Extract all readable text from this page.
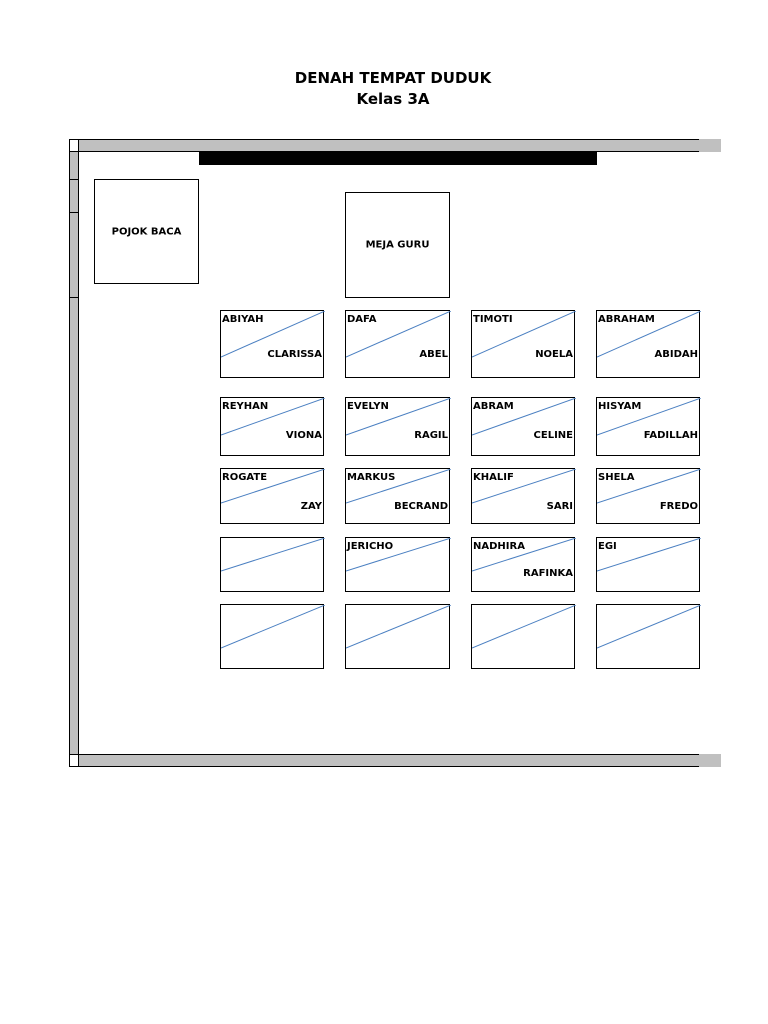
DENAH TEMPAT DUDUK
Kelas 3A
POJOK BACA
MEJA GURU
ABIYAH
CLARISSA
DAFA
ABEL
TIMOTI
NOELA
ABRAHAM
ABIDAH
REYHAN
VIONA
EVELYN
RAGIL
ABRAM
CELINE
HISYAM
FADILLAH
ROGATE
ZAY
MARKUS
BECRAND
KHALIF
SARI
SHELA
FREDO
JERICHO	NADHIRA
RAFINKA
EGI
